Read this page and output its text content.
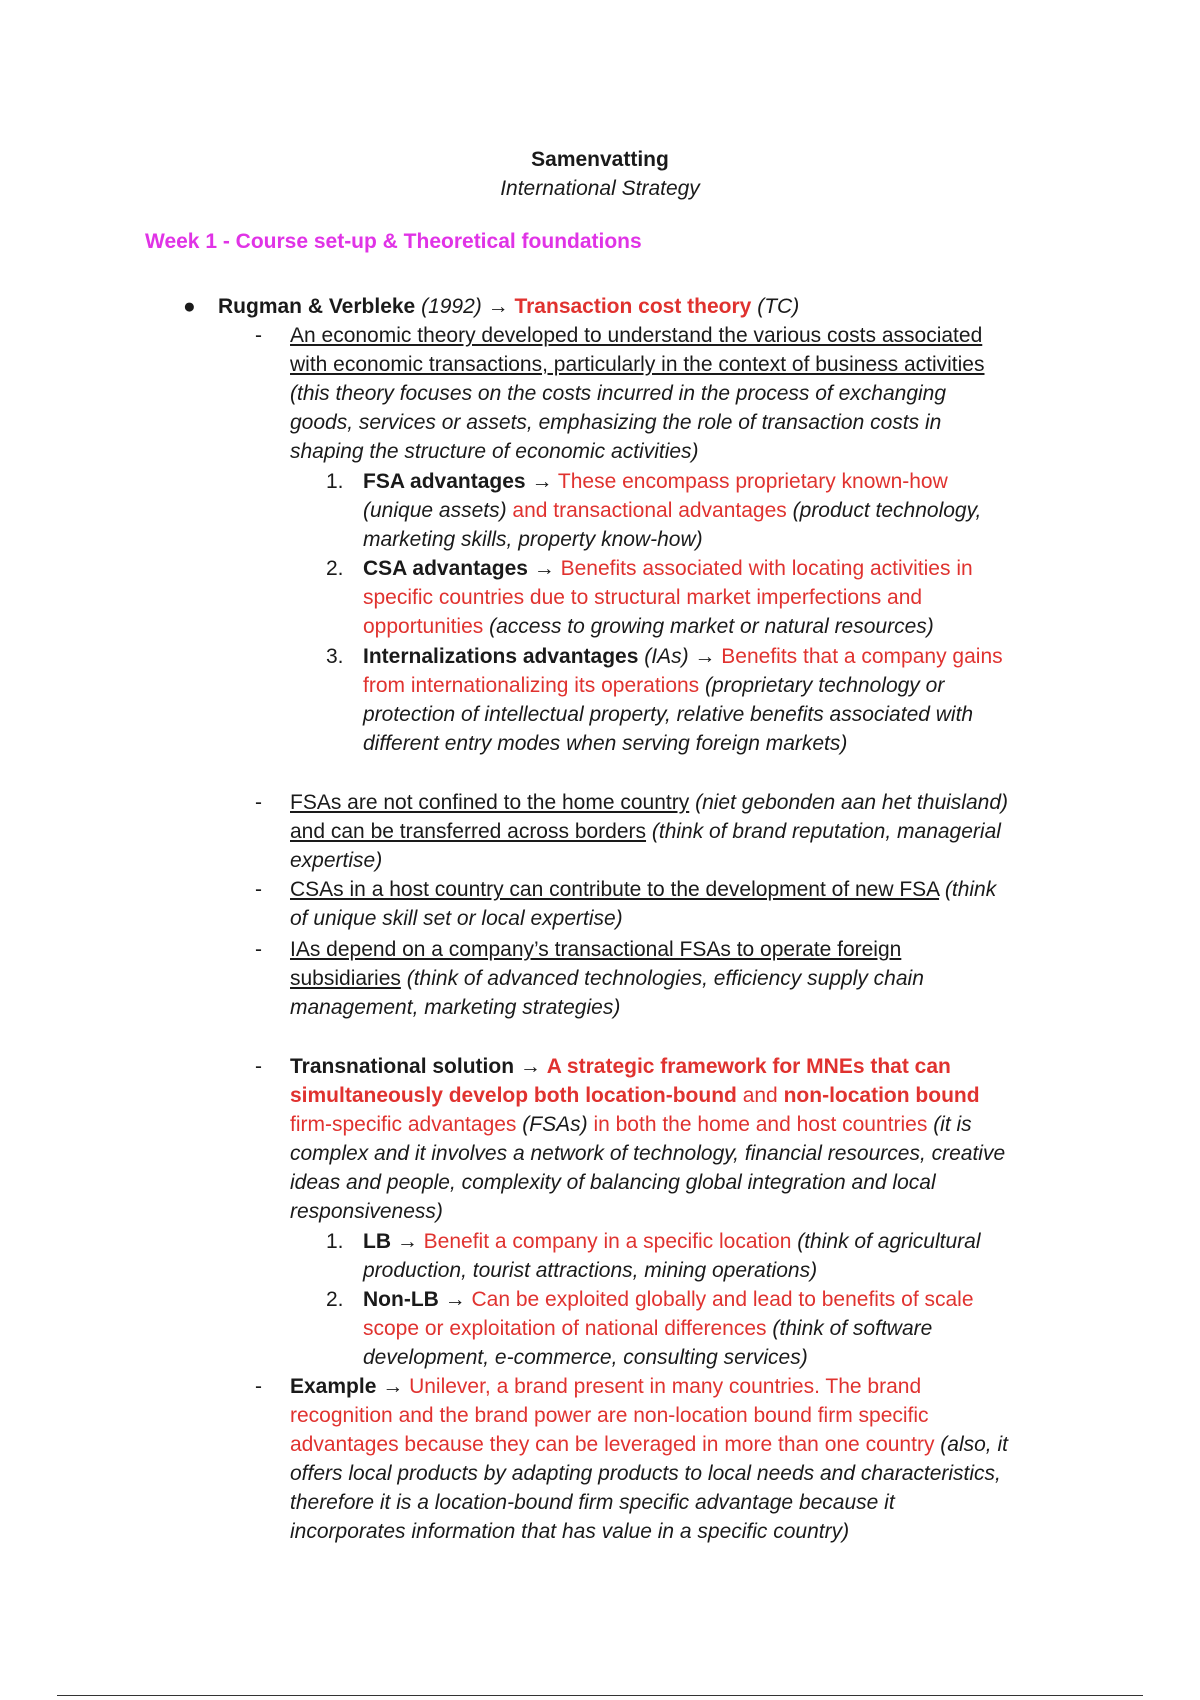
Samenvatting
International Strategy
Week 1 - Course set-up & Theoretical foundations
● Rugman & Verbleke (1992) → Transaction cost theory (TC)
- An economic theory developed to understand the various costs associated
with economic transactions, particularly in the context of business activities
(this theory focuses on the costs incurred in the process of exchanging
goods, services or assets, emphasizing the role of transaction costs in
shaping the structure of economic activities)
1. FSA advantages → These encompass proprietary known-how
(unique assets) and transactional advantages (product technology,
marketing skills, property know-how)
2. CSA advantages → Benefits associated with locating activities in
specific countries due to structural market imperfections and
opportunities (access to growing market or natural resources)
3. Internalizations advantages (IAs) → Benefits that a company gains
from internationalizing its operations (proprietary technology or
protection of intellectual property, relative benefits associated with
different entry modes when serving foreign markets)
- FSAs are not confined to the home country (niet gebonden aan het thuisland)
and can be transferred across borders (think of brand reputation, managerial
expertise)
- CSAs in a host country can contribute to the development of new FSA (think
of unique skill set or local expertise)
- IAs depend on a company’s transactional FSAs to operate foreign
subsidiaries (think of advanced technologies, efficiency supply chain
management, marketing strategies)
- Transnational solution → A strategic framework for MNEs that can
simultaneously develop both location-bound and non-location bound
firm-specific advantages (FSAs) in both the home and host countries (it is
complex and it involves a network of technology, financial resources, creative
ideas and people, complexity of balancing global integration and local
responsiveness)
1. LB → Benefit a company in a specific location (think of agricultural
production, tourist attractions, mining operations)
2. Non-LB → Can be exploited globally and lead to benefits of scale
scope or exploitation of national differences (think of software
development, e-commerce, consulting services)
- Example → Unilever, a brand present in many countries. The brand
recognition and the brand power are non-location bound firm specific
advantages because they can be leveraged in more than one country (also, it
offers local products by adapting products to local needs and characteristics,
therefore it is a location-bound firm specific advantage because it
incorporates information that has value in a specific country)
